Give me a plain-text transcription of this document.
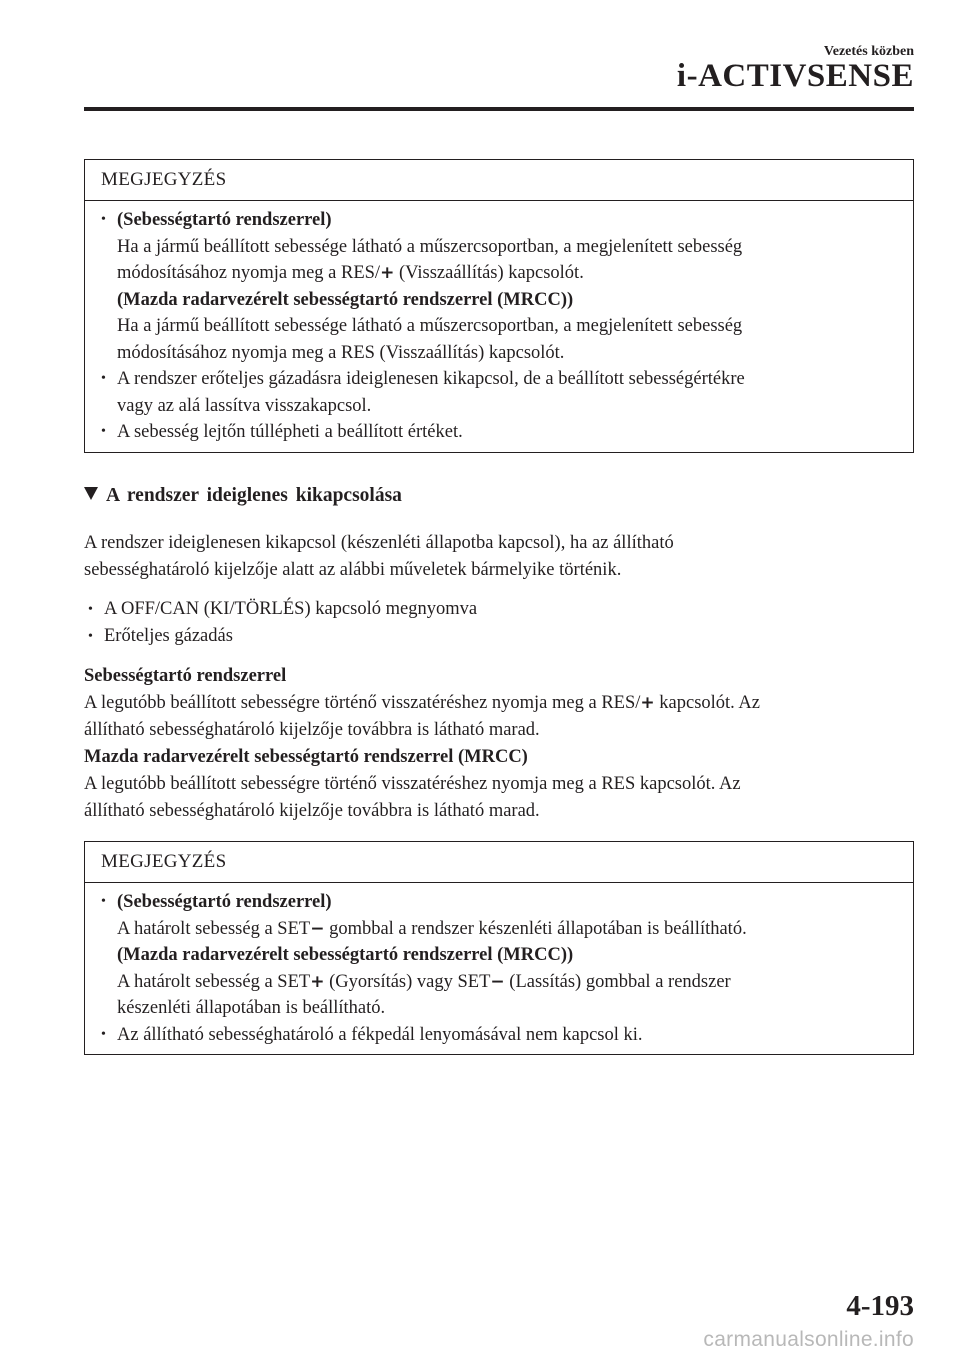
Vezetés közben
i-ACTIVSENSE
MEGJEGYZÉS
• (Sebességtartó rendszerrel)
Ha a jármű beállított sebessége látható a műszercsoportban, a megjelenített sebesség
módosításához nyomja meg a RES/+ (Visszaállítás) kapcsolót.
(Mazda radarvezérelt sebességtartó rendszerrel (MRCC))
Ha a jármű beállított sebessége látható a műszercsoportban, a megjelenített sebesség
módosításához nyomja meg a RES (Visszaállítás) kapcsolót.
• A rendszer erőteljes gázadásra ideiglenesen kikapcsol, de a beállított sebességértékre
vagy az alá lassítva visszakapcsol.
• A sebesség lejtőn túllépheti a beállított értéket.
A rendszer ideiglenes kikapcsolása
A rendszer ideiglenesen kikapcsol (készenléti állapotba kapcsol), ha az állítható
sebességhatároló kijelzője alatt az alábbi műveletek bármelyike történik.
• A OFF/CAN (KI/TÖRLÉS) kapcsoló megnyomva
• Erőteljes gázadás
Sebességtartó rendszerrel
A legutóbb beállított sebességre történő visszatéréshez nyomja meg a RES/+ kapcsolót. Az
állítható sebességhatároló kijelzője továbbra is látható marad.
Mazda radarvezérelt sebességtartó rendszerrel (MRCC)
A legutóbb beállított sebességre történő visszatéréshez nyomja meg a RES kapcsolót. Az
állítható sebességhatároló kijelzője továbbra is látható marad.
MEGJEGYZÉS
• (Sebességtartó rendszerrel)
A határolt sebesség a SET− gombbal a rendszer készenléti állapotában is beállítható.
(Mazda radarvezérelt sebességtartó rendszerrel (MRCC))
A határolt sebesség a SET+ (Gyorsítás) vagy SET− (Lassítás) gombbal a rendszer
készenléti állapotában is beállítható.
• Az állítható sebességhatároló a fékpedál lenyomásával nem kapcsol ki.
4-193
carmanualsonline.info
